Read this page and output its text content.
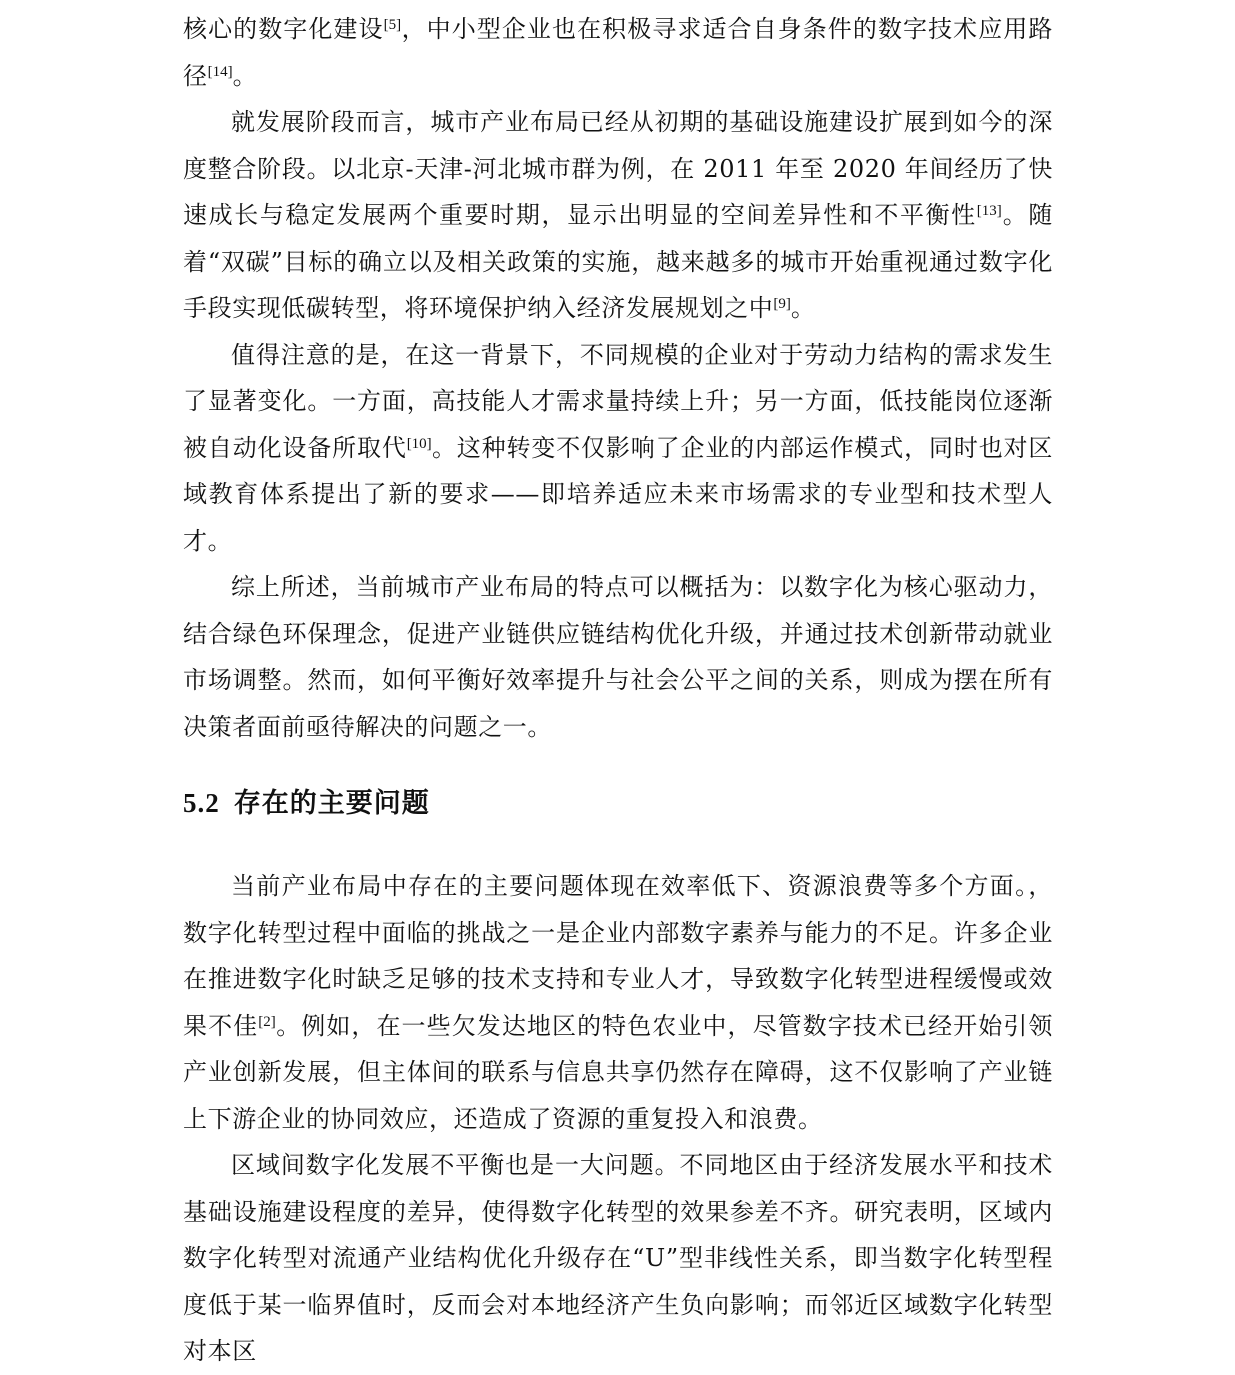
核心的数字化建设[5]，中小型企业也在积极寻求适合自身条件的数字技术应用路径[14]。

就发展阶段而言，城市产业布局已经从初期的基础设施建设扩展到如今的深度整合阶段。以北京-天津-河北城市群为例，在 2011 年至 2020 年间经历了快速成长与稳定发展两个重要时期，显示出明显的空间差异性和不平衡性[13]。随着“双碳”目标的确立以及相关政策的实施，越来越多的城市开始重视通过数字化手段实现低碳转型，将环境保护纳入经济发展规划之中[9]。

值得注意的是，在这一背景下，不同规模的企业对于劳动力结构的需求发生了显著变化。一方面，高技能人才需求量持续上升；另一方面，低技能岗位逐渐被自动化设备所取代[10]。这种转变不仅影响了企业的内部运作模式，同时也对区域教育体系提出了新的要求——即培养适应未来市场需求的专业型和技术型人才。

综上所述，当前城市产业布局的特点可以概括为：以数字化为核心驱动力，结合绿色环保理念，促进产业链供应链结构优化升级，并通过技术创新带动就业市场调整。然而，如何平衡好效率提升与社会公平之间的关系，则成为摆在所有决策者面前亟待解决的问题之一。

5.2 存在的主要问题

当前产业布局中存在的主要问题体现在效率低下、资源浪费等多个方面。，数字化转型过程中面临的挑战之一是企业内部数字素养与能力的不足。许多企业在推进数字化时缺乏足够的技术支持和专业人才，导致数字化转型进程缓慢或效果不佳[2]。例如，在一些欠发达地区的特色农业中，尽管数字技术已经开始引领产业创新发展，但主体间的联系与信息共享仍然存在障碍，这不仅影响了产业链上下游企业的协同效应，还造成了资源的重复投入和浪费。

区域间数字化发展不平衡也是一大问题。不同地区由于经济发展水平和技术基础设施建设程度的差异，使得数字化转型的效果参差不齐。研究表明，区域内数字化转型对流通产业结构优化升级存在“U”型非线性关系，即当数字化转型程度低于某一临界值时，反而会对本地经济产生负向影响；而邻近区域数字化转型对本区
